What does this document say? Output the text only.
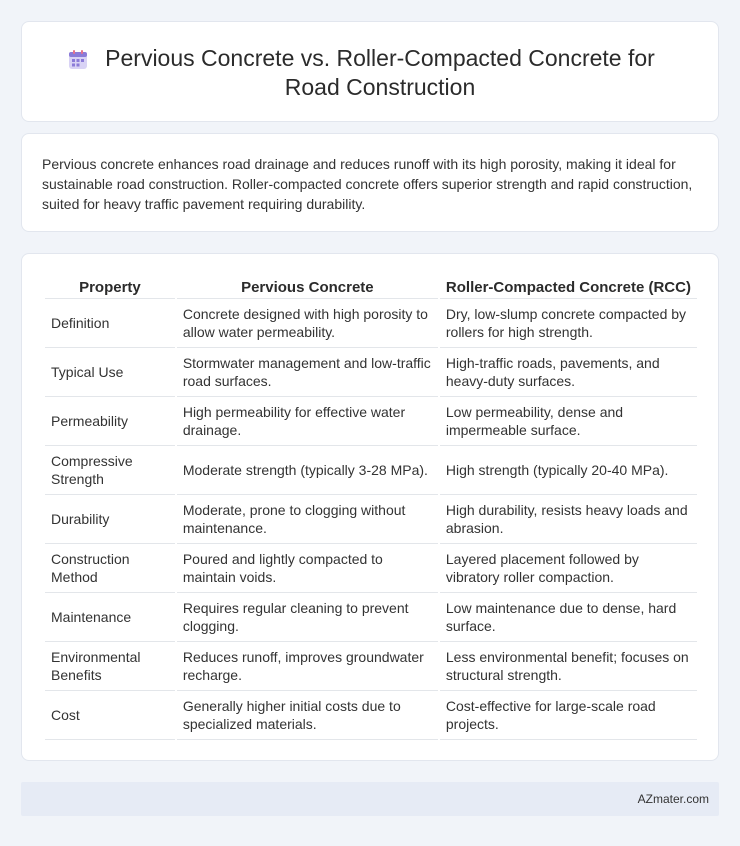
Pervious Concrete vs. Roller-Compacted Concrete for Road Construction

Pervious concrete enhances road drainage and reduces runoff with its high porosity, making it ideal for sustainable road construction. Roller-compacted concrete offers superior strength and rapid construction, suited for heavy traffic pavement requiring durability.

Property	Pervious Concrete	Roller-Compacted Concrete (RCC)
Definition	Concrete designed with high porosity to allow water permeability.	Dry, low-slump concrete compacted by rollers for high strength.
Typical Use	Stormwater management and low-traffic road surfaces.	High-traffic roads, pavements, and heavy-duty surfaces.
Permeability	High permeability for effective water drainage.	Low permeability, dense and impermeable surface.
Compressive Strength	Moderate strength (typically 3-28 MPa).	High strength (typically 20-40 MPa).
Durability	Moderate, prone to clogging without maintenance.	High durability, resists heavy loads and abrasion.
Construction Method	Poured and lightly compacted to maintain voids.	Layered placement followed by vibratory roller compaction.
Maintenance	Requires regular cleaning to prevent clogging.	Low maintenance due to dense, hard surface.
Environmental Benefits	Reduces runoff, improves groundwater recharge.	Less environmental benefit; focuses on structural strength.
Cost	Generally higher initial costs due to specialized materials.	Cost-effective for large-scale road projects.
AZmater.com
